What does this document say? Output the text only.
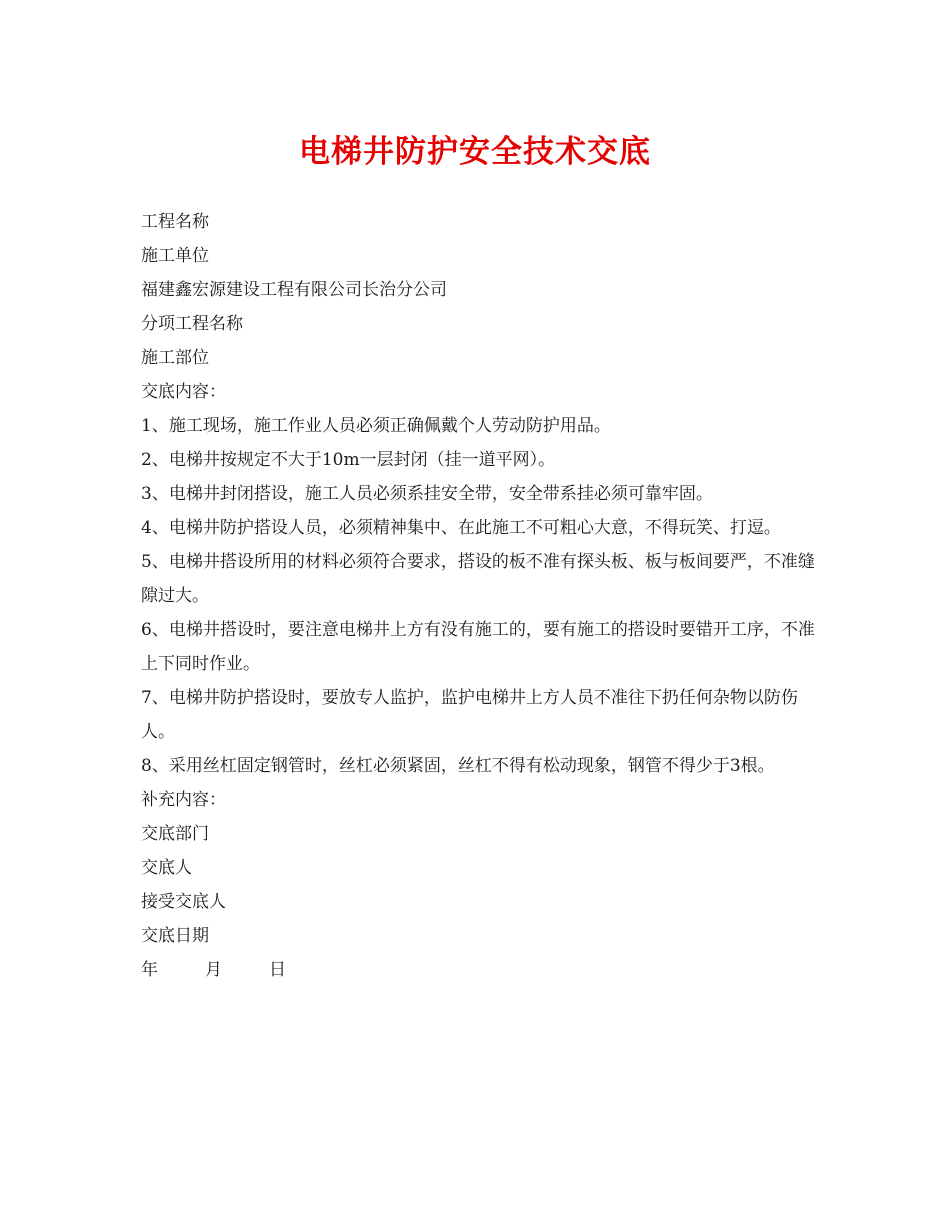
电梯井防护安全技术交底
工程名称
施工单位
福建鑫宏源建设工程有限公司长治分公司
分项工程名称
施工部位
交底内容：
1、施工现场，施工作业人员必须正确佩戴个人劳动防护用品。
2、电梯井按规定不大于10m一层封闭（挂一道平网）。
3、电梯井封闭搭设，施工人员必须系挂安全带，安全带系挂必须可靠牢固。
4、电梯井防护搭设人员，必须精神集中、在此施工不可粗心大意，不得玩笑、打逗。
5、电梯井搭设所用的材料必须符合要求，搭设的板不准有探头板、板与板间要严，不准缝隙过大。
6、电梯井搭设时，要注意电梯井上方有没有施工的，要有施工的搭设时要错开工序，不准上下同时作业。
7、电梯井防护搭设时，要放专人监护，监护电梯井上方人员不准往下扔任何杂物以防伤人。
8、采用丝杠固定钢管时，丝杠必须紧固，丝杠不得有松动现象，钢管不得少于3根。
补充内容：
交底部门
交底人
接受交底人
交底日期
年	月	日
